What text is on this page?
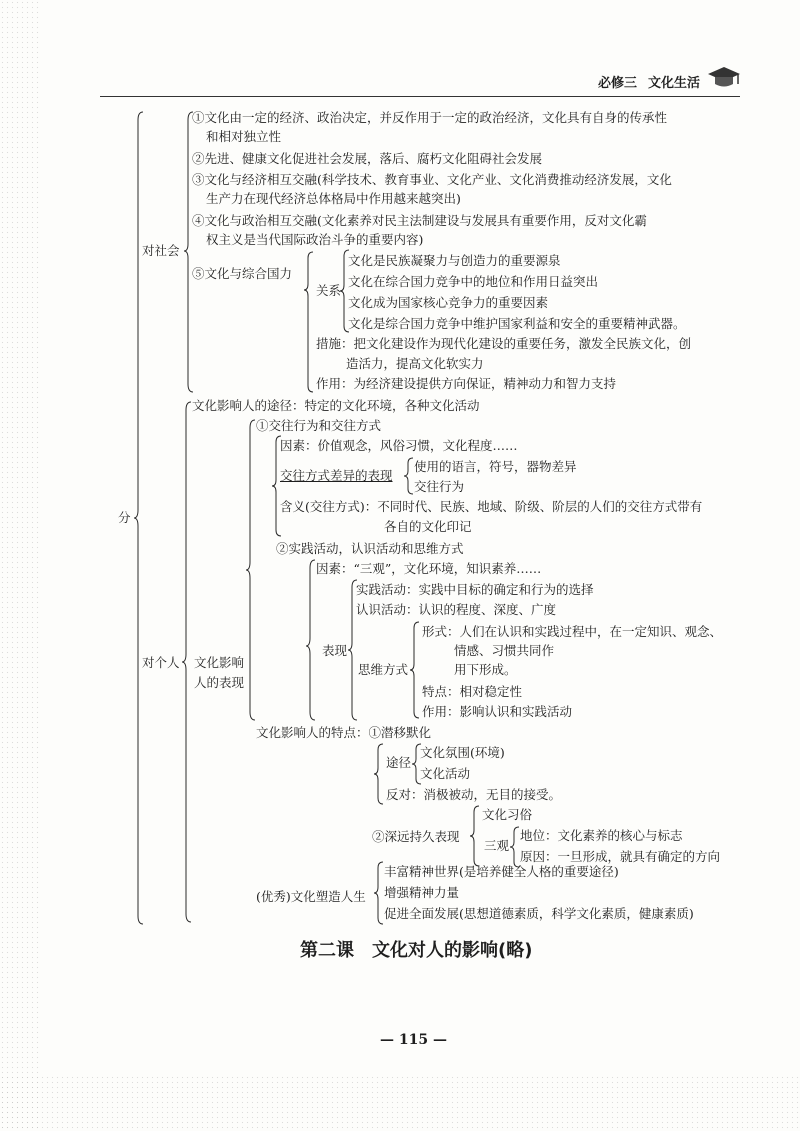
必修三 文化生活
分
对社会
①文化由一定的经济、政治决定，并反作用于一定的政治经济，文化具有自身的传承性
和相对独立性
②先进、健康文化促进社会发展，落后、腐朽文化阻碍社会发展
③文化与经济相互交融(科学技术、教育事业、文化产业、文化消费推动经济发展，文化
生产力在现代经济总体格局中作用越来越突出)
④文化与政治相互交融(文化素养对民主法制建设与发展具有重要作用，反对文化霸
权主义是当代国际政治斗争的重要内容)
⑤文化与综合国力
关系
文化是民族凝聚力与创造力的重要源泉
文化在综合国力竞争中的地位和作用日益突出
文化成为国家核心竞争力的重要因素
文化是综合国力竞争中维护国家利益和安全的重要精神武器。
措施：把文化建设作为现代化建设的重要任务，激发全民族文化，创
造活力，提高文化软实力
作用：为经济建设提供方向保证，精神动力和智力支持
对个人
文化影响人的途径：特定的文化环境，各种文化活动
文化影响
人的表现
①交往行为和交往方式
因素：价值观念，风俗习惯，文化程度……
交往方式差异的表现
使用的语言，符号，器物差异
交往行为
含义(交往方式)：不同时代、民族、地域、阶级、阶层的人们的交往方式带有
各自的文化印记
②实践活动，认识活动和思维方式
因素：“三观”，文化环境，知识素养……
表现
实践活动：实践中目标的确定和行为的选择
认识活动：认识的程度、深度、广度
思维方式
形式：人们在认识和实践过程中，在一定知识、观念、
情感、习惯共同作
用下形成。
特点：相对稳定性
作用：影响认识和实践活动
文化影响人的特点：①潜移默化
途径
文化氛围(环境)
文化活动
反对：消极被动，无目的接受。
②深远持久表现
文化习俗
三观
地位：文化素养的核心与标志
原因：一旦形成，就具有确定的方向
(优秀)文化塑造人生
丰富精神世界(是培养健全人格的重要途径)
增强精神力量
促进全面发展(思想道德素质，科学文化素质，健康素质)
第二课　文化对人的影响(略)
— 115 —
